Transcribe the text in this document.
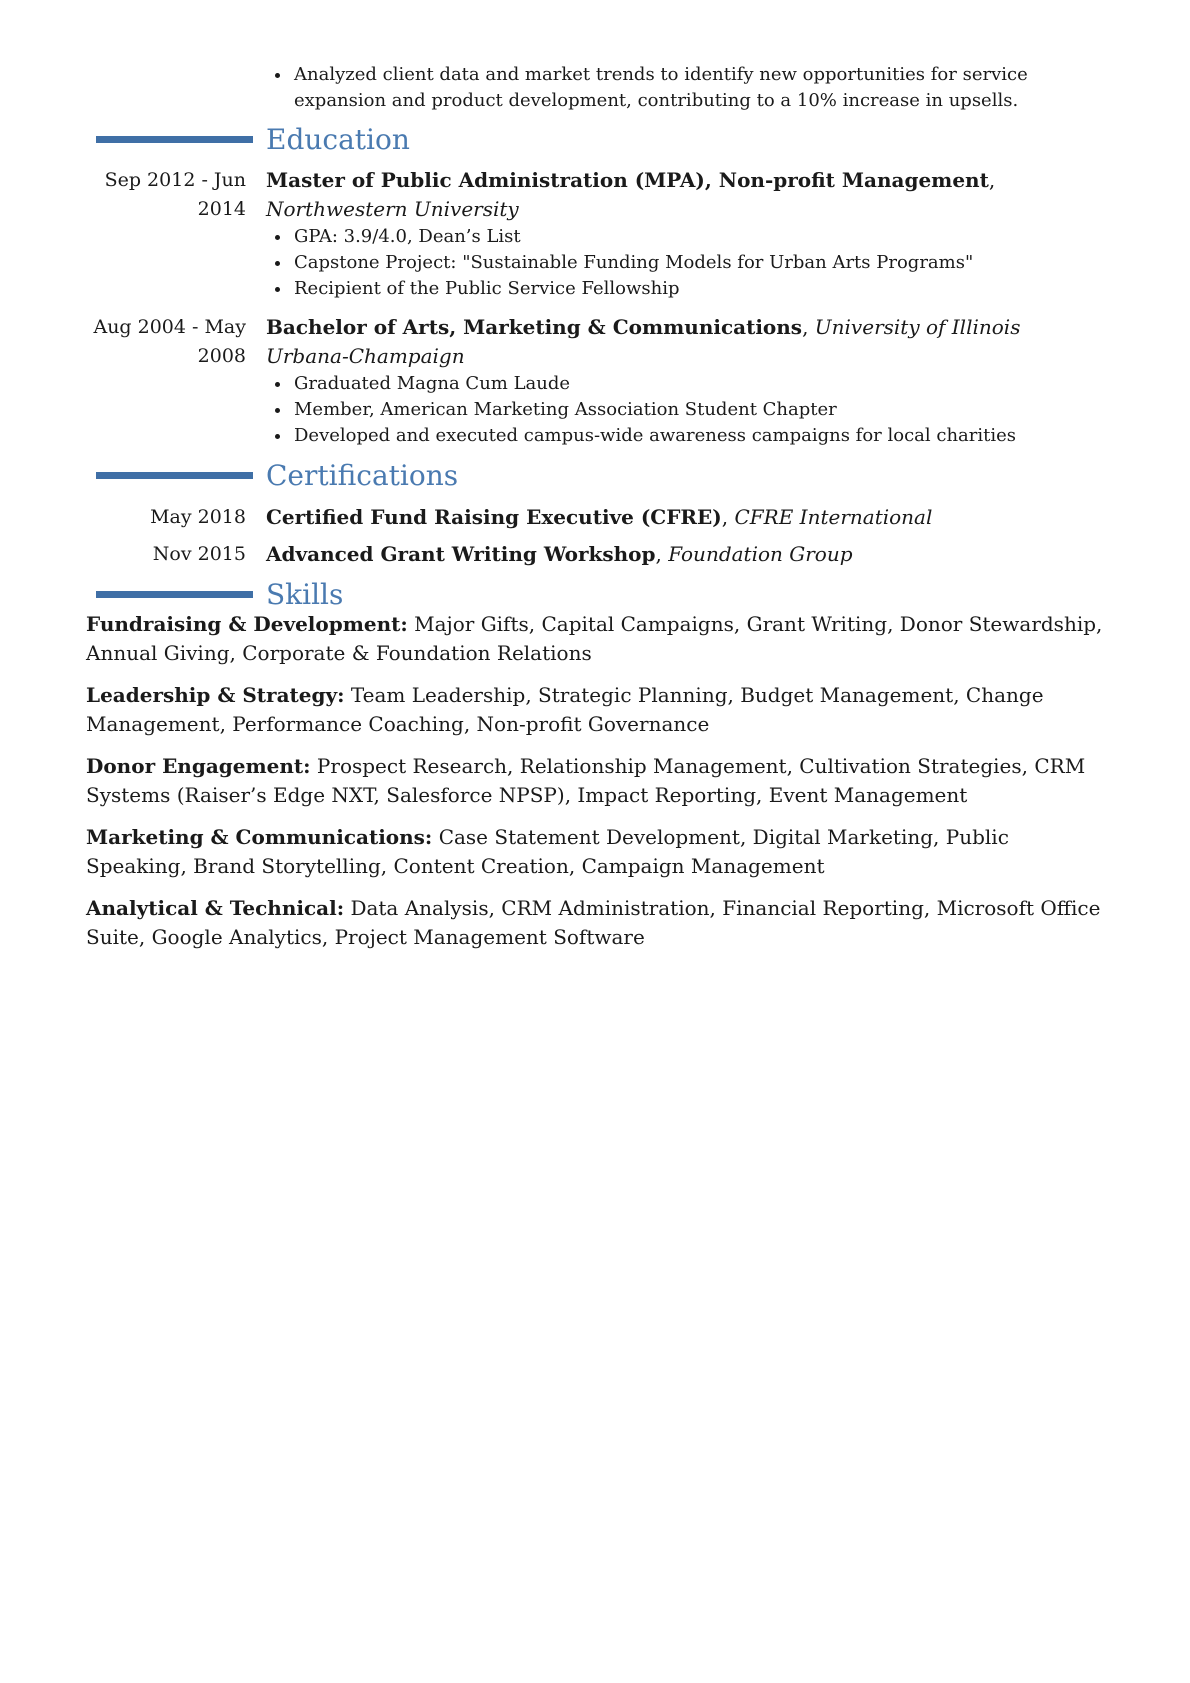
Analyzed client data and market trends to identify new opportunities for service expansion and product development, contributing to a 10% increase in upsells.
Education
Sep 2012 - Jun 2014

Master of Public Administration (MPA), Non-profit Management, Northwestern University

GPA: 3.9/4.0, Dean’s List
Capstone Project: "Sustainable Funding Models for Urban Arts Programs"
Recipient of the Public Service Fellowship
Aug 2004 - May 2008

Bachelor of Arts, Marketing & Communications, University of Illinois Urbana-Champaign

Graduated Magna Cum Laude
Member, American Marketing Association Student Chapter
Developed and executed campus-wide awareness campaigns for local charities
Certifications
May 2018 Certified Fund Raising Executive (CFRE), CFRE International

Nov 2015 Advanced Grant Writing Workshop, Foundation Group

Skills

Fundraising & Development: Major Gifts, Capital Campaigns, Grant Writing, Donor Stewardship, Annual Giving, Corporate & Foundation Relations

Leadership & Strategy: Team Leadership, Strategic Planning, Budget Management, Change Management, Performance Coaching, Non-profit Governance

Donor Engagement: Prospect Research, Relationship Management, Cultivation Strategies, CRM Systems (Raiser’s Edge NXT, Salesforce NPSP), Impact Reporting, Event Management

Marketing & Communications: Case Statement Development, Digital Marketing, Public Speaking, Brand Storytelling, Content Creation, Campaign Management

Analytical & Technical: Data Analysis, CRM Administration, Financial Reporting, Microsoft Office Suite, Google Analytics, Project Management Software
